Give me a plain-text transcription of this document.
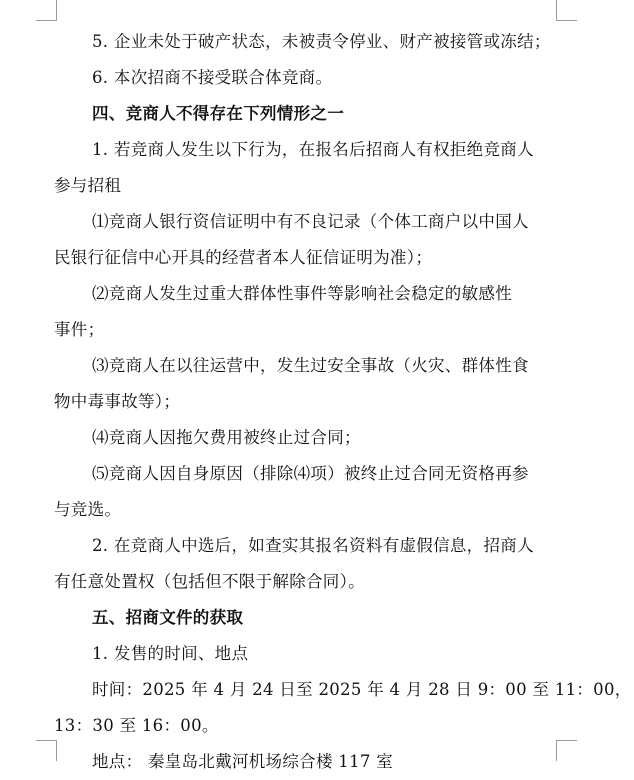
5. 企业未处于破产状态，未被责令停业、财产被接管或冻结；
6. 本次招商不接受联合体竞商。
四、竞商人不得存在下列情形之一
1. 若竞商人发生以下行为，在报名后招商人有权拒绝竞商人
参与招租
⑴竞商人银行资信证明中有不良记录（个体工商户以中国人
民银行征信中心开具的经营者本人征信证明为准）；
⑵竞商人发生过重大群体性事件等影响社会稳定的敏感性
事件；
⑶竞商人在以往运营中，发生过安全事故（火灾、群体性食
物中毒事故等）；
⑷竞商人因拖欠费用被终止过合同；
⑸竞商人因自身原因（排除⑷项）被终止过合同无资格再参
与竞选。
2. 在竞商人中选后，如查实其报名资料有虚假信息，招商人
有任意处置权（包括但不限于解除合同）。
五、招商文件的获取
1. 发售的时间、地点
时间：2025 年 4 月 24 日至 2025 年 4 月 28 日 9：00 至 11：00，
13：30 至 16：00。
地点： 秦皇岛北戴河机场综合楼 117 室
